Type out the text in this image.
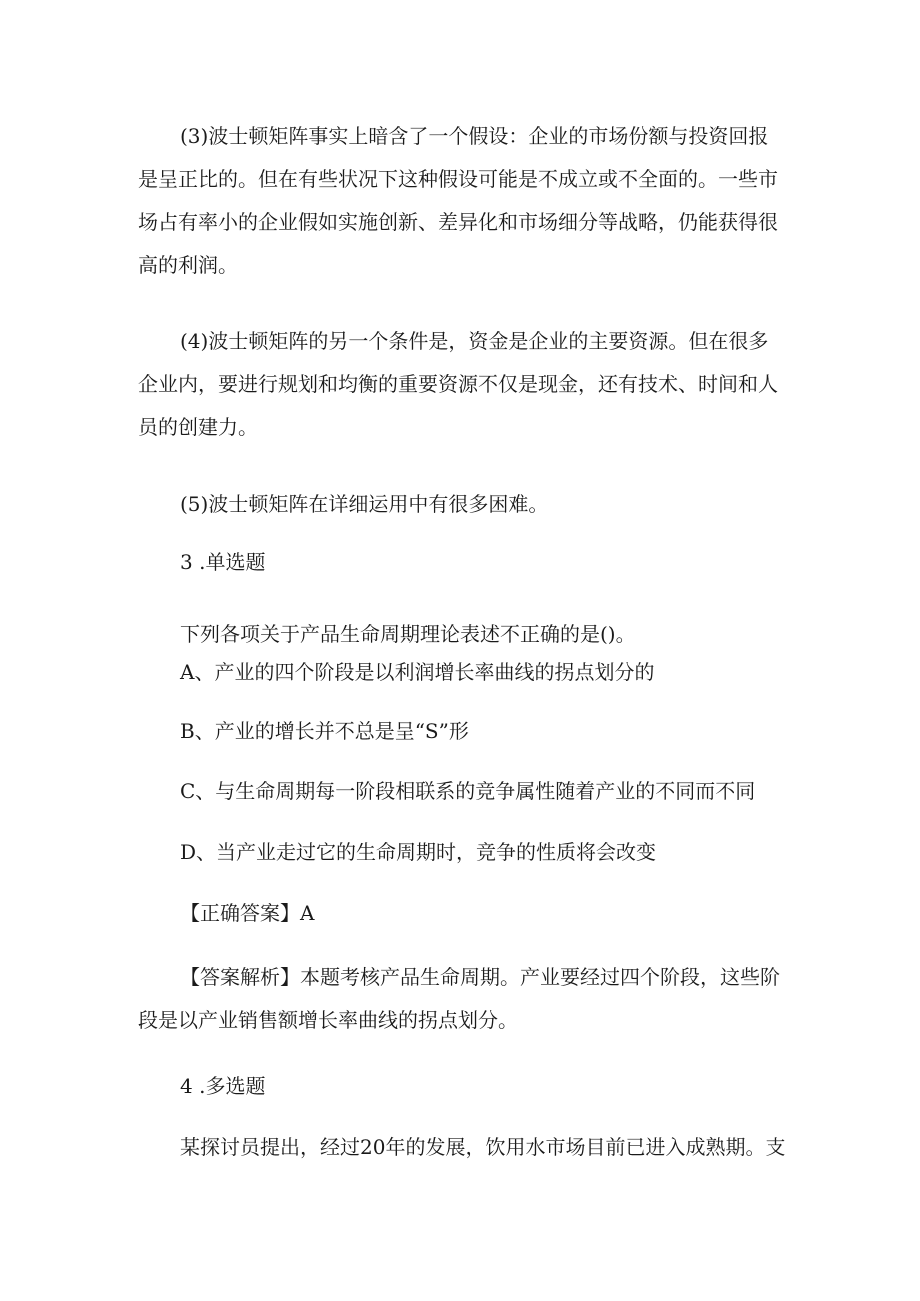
(3)波士顿矩阵事实上暗含了一个假设：企业的市场份额与投资回报是呈正比的。但在有些状况下这种假设可能是不成立或不全面的。一些市场占有率小的企业假如实施创新、差异化和市场细分等战略，仍能获得很高的利润。

(4)波士顿矩阵的另一个条件是，资金是企业的主要资源。但在很多企业内，要进行规划和均衡的重要资源不仅是现金，还有技术、时间和人员的创建力。

(5)波士顿矩阵在详细运用中有很多困难。

3 .单选题

下列各项关于产品生命周期理论表述不正确的是()。

A、产业的四个阶段是以利润增长率曲线的拐点划分的

B、产业的增长并不总是呈“S”形

C、与生命周期每一阶段相联系的竞争属性随着产业的不同而不同

D、当产业走过它的生命周期时，竞争的性质将会改变

【正确答案】A

【答案解析】本题考核产品生命周期。产业要经过四个阶段，这些阶段是以产业销售额增长率曲线的拐点划分。

4 .多选题

某探讨员提出，经过20年的发展，饮用水市场目前已进入成熟期。支
